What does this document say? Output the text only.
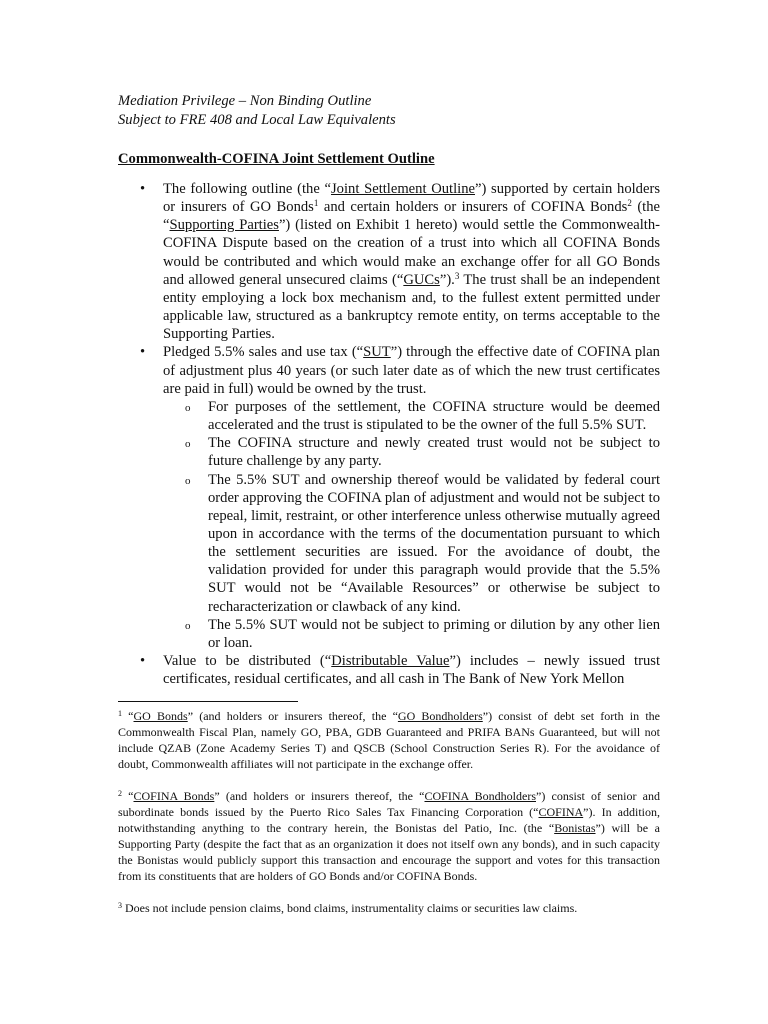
Mediation Privilege – Non Binding Outline
Subject to FRE 408 and Local Law Equivalents
Commonwealth-COFINA Joint Settlement Outline
• The following outline (the “Joint Settlement Outline”) supported by certain holders or insurers of GO Bonds$^1$ and certain holders or insurers of COFINA Bonds$^2$ (the “Supporting Parties”) (listed on Exhibit 1 hereto) would settle the Commonwealth-COFINA Dispute based on the creation of a trust into which all COFINA Bonds would be contributed and which would make an exchange offer for all GO Bonds and allowed general unsecured claims (“GUCs”).$^3$ The trust shall be an independent entity employing a lock box mechanism and, to the fullest extent permitted under applicable law, structured as a bankruptcy remote entity, on terms acceptable to the Supporting Parties.
• Pledged 5.5% sales and use tax (“SUT”) through the effective date of COFINA plan of adjustment plus 40 years (or such later date as of which the new trust certificates are paid in full) would be owned by the trust.
o For purposes of the settlement, the COFINA structure would be deemed accelerated and the trust is stipulated to be the owner of the full 5.5% SUT.
o The COFINA structure and newly created trust would not be subject to future challenge by any party.
o The 5.5% SUT and ownership thereof would be validated by federal court order approving the COFINA plan of adjustment and would not be subject to repeal, limit, restraint, or other interference unless otherwise mutually agreed upon in accordance with the terms of the documentation pursuant to which the settlement securities are issued. For the avoidance of doubt, the validation provided for under this paragraph would provide that the 5.5% SUT would not be “Available Resources” or otherwise be subject to recharacterization or clawback of any kind.
o The 5.5% SUT would not be subject to priming or dilution by any other lien or loan.
• Value to be distributed (“Distributable Value”) includes – newly issued trust certificates, residual certificates, and all cash in The Bank of New York Mellon

$^1$ “GO Bonds” (and holders or insurers thereof, the “GO Bondholders”) consist of debt set forth in the Commonwealth Fiscal Plan, namely GO, PBA, GDB Guaranteed and PRIFA BANs Guaranteed, but will not include QZAB (Zone Academy Series T) and QSCB (School Construction Series R). For the avoidance of doubt, Commonwealth affiliates will not participate in the exchange offer.

$^2$ “COFINA Bonds” (and holders or insurers thereof, the “COFINA Bondholders”) consist of senior and subordinate bonds issued by the Puerto Rico Sales Tax Financing Corporation (“COFINA”). In addition, notwithstanding anything to the contrary herein, the Bonistas del Patio, Inc. (the “Bonistas”) will be a Supporting Party (despite the fact that as an organization it does not itself own any bonds), and in such capacity the Bonistas would publicly support this transaction and encourage the support and votes for this transaction from its constituents that are holders of GO Bonds and/or COFINA Bonds.

$^3$ Does not include pension claims, bond claims, instrumentality claims or securities law claims.
